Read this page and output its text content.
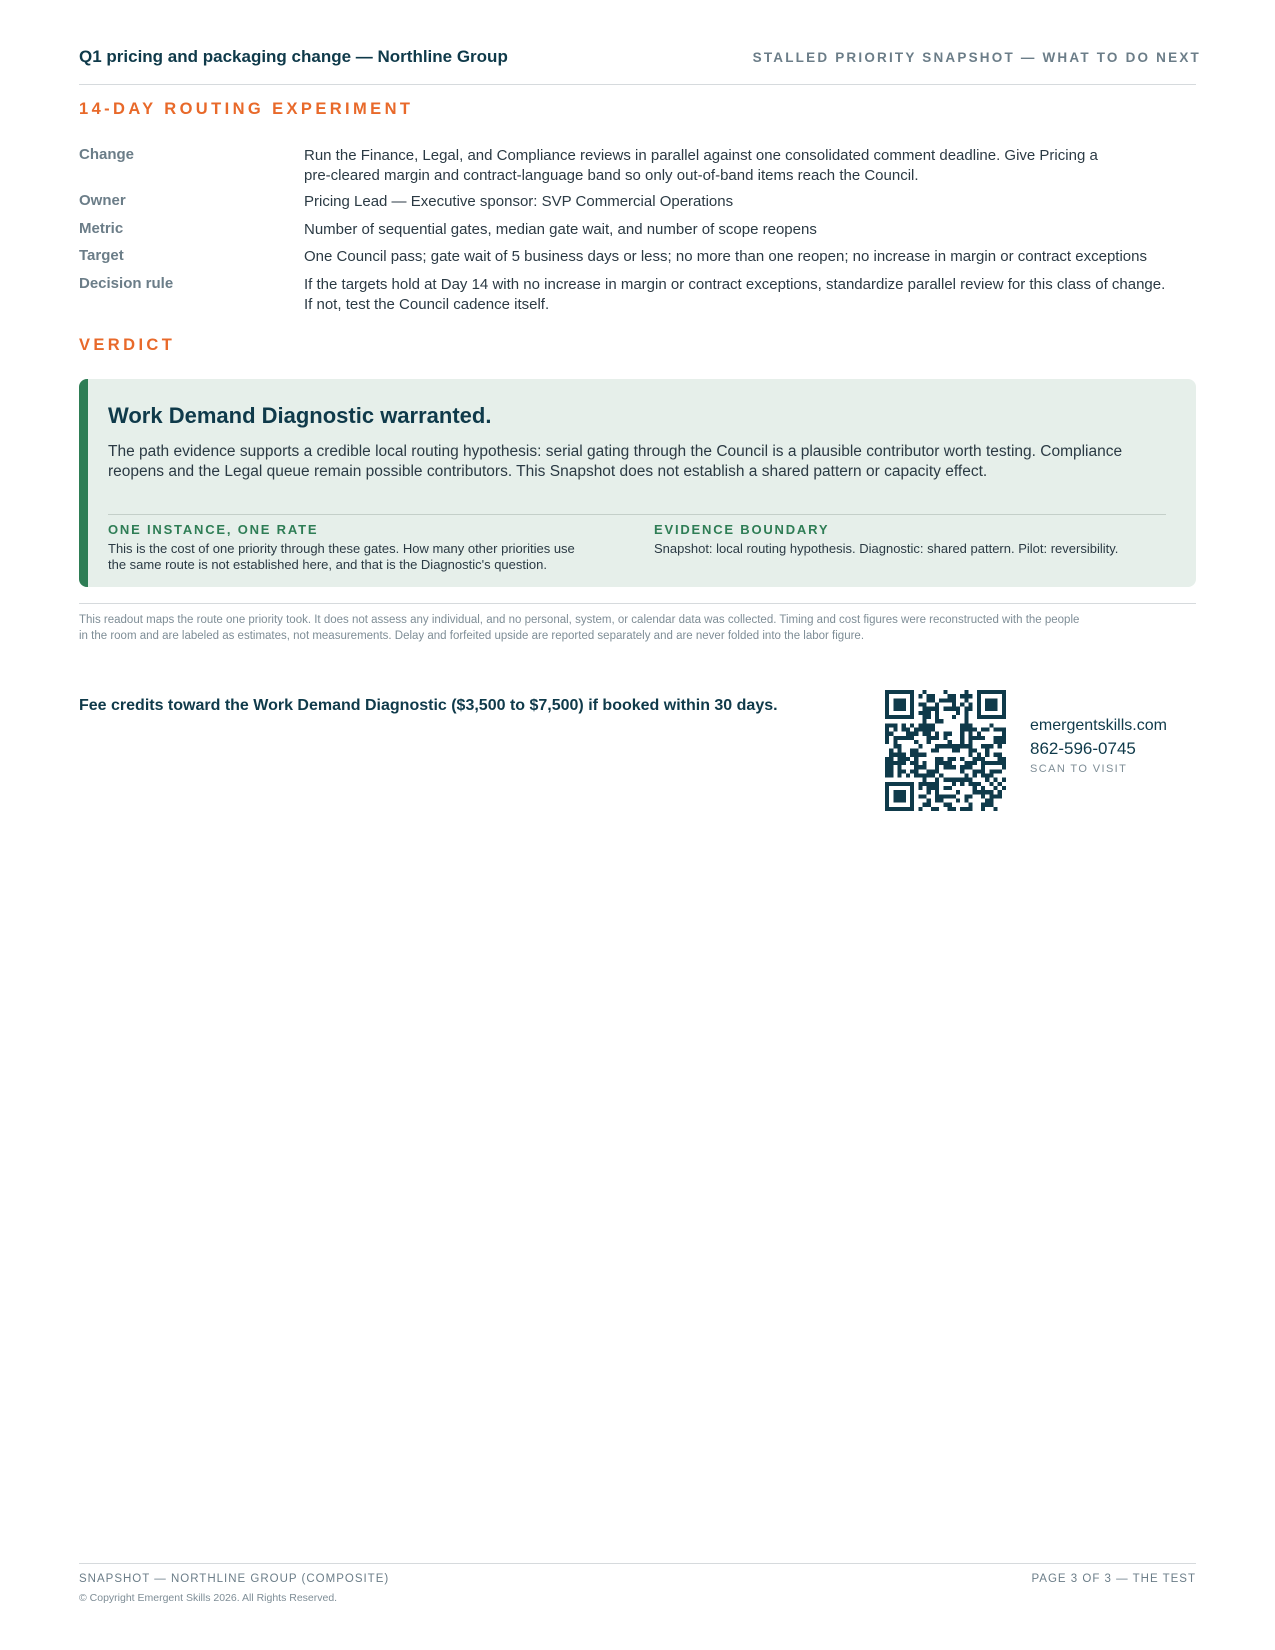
Q1 pricing and packaging change — Northline Group	STALLED PRIORITY SNAPSHOT — WHAT TO DO NEXT
14-DAY ROUTING EXPERIMENT
Change	Run the Finance, Legal, and Compliance reviews in parallel against one consolidated comment deadline. Give Pricing a
pre-cleared margin and contract-language band so only out-of-band items reach the Council.
Owner	Pricing Lead — Executive sponsor: SVP Commercial Operations
Metric	Number of sequential gates, median gate wait, and number of scope reopens
Target	One Council pass; gate wait of 5 business days or less; no more than one reopen; no increase in margin or contract exceptions
Decision rule	If the targets hold at Day 14 with no increase in margin or contract exceptions, standardize parallel review for this class of change.
If not, test the Council cadence itself.
VERDICT
Work Demand Diagnostic warranted.
The path evidence supports a credible local routing hypothesis: serial gating through the Council is a plausible contributor worth testing. Compliance
reopens and the Legal queue remain possible contributors. This Snapshot does not establish a shared pattern or capacity effect.
ONE INSTANCE, ONE RATE
This is the cost of one priority through these gates. How many other priorities use
the same route is not established here, and that is the Diagnostic's question.
EVIDENCE BOUNDARY
Snapshot: local routing hypothesis. Diagnostic: shared pattern. Pilot: reversibility.
This readout maps the route one priority took. It does not assess any individual, and no personal, system, or calendar data was collected. Timing and cost figures were reconstructed with the people
in the room and are labeled as estimates, not measurements. Delay and forfeited upside are reported separately and are never folded into the labor figure.
Fee credits toward the Work Demand Diagnostic ($3,500 to $7,500) if booked within 30 days.
emergentskills.com
862-596-0745
SCAN TO VISIT
SNAPSHOT — NORTHLINE GROUP (COMPOSITE)	PAGE 3 OF 3 — THE TEST
© Copyright Emergent Skills 2026. All Rights Reserved.
